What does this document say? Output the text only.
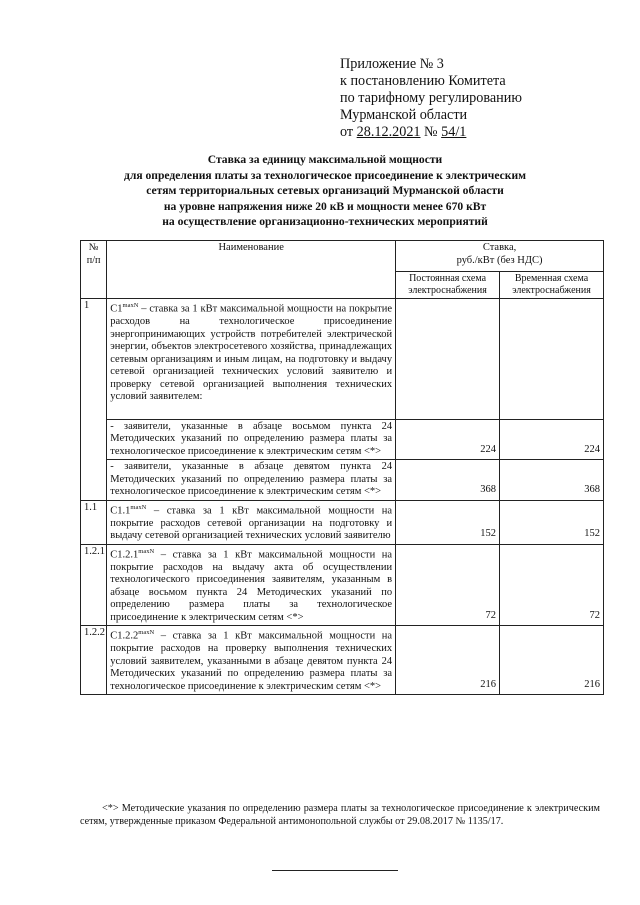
Приложение № 3
к постановлению Комитета
по тарифному регулированию
Мурманской области
от 28.12.2021 № 54/1
Ставка за единицу максимальной мощности
для определения платы за технологическое присоединение к электрическим
сетям территориальных сетевых организаций Мурманской области
на уровне напряжения ниже 20 кВ и мощности менее 670 кВт
на осуществление организационно-технических мероприятий
№ п/п	Наименование	Ставка,
руб./кВт (без НДС)	

		Постоянная схема электроснабжения	Временная схема электроснабжения
1	$C1^{maxN}$ – ставка за 1 кВт максимальной мощности на покрытие расходов на технологическое присоединение энергопринимающих устройств потребителей электрической энергии, объектов электросетевого хозяйства, принадлежащих сетевым организациям и иным лицам, на подготовку и выдачу сетевой организацией технических условий заявителю и проверку сетевой организацией выполнения технических условий заявителем:

	- заявители, указанные в абзаце восьмом пункта 24 Методических указаний по определению размера платы за технологическое присоединение к электрическим сетям <*>	224	224
	- заявители, указанные в абзаце девятом пункта 24 Методических указаний по определению размера платы за технологическое присоединение к электрическим сетям <*>	368	368
1.1	$C1.1^{maxN}$ – ставка за 1 кВт максимальной мощности на покрытие расходов сетевой организации на подготовку и выдачу сетевой организацией технических условий заявителю	152	152
1.2.1	$C1.2.1^{maxN}$ – ставка за 1 кВт максимальной мощности на покрытие расходов на выдачу акта об осуществлении технологического присоединения заявителям, указанным в абзаце восьмом пункта 24 Методических указаний по определению размера платы за технологическое присоединение к электрическим сетям <*>	72	72
1.2.2	$C1.2.2^{maxN}$ – ставка за 1 кВт максимальной мощности на покрытие расходов на проверку выполнения технических условий заявителем, указанными в абзаце девятом пункта 24 Методических указаний по определению размера платы за технологическое присоединение к электрическим сетям <*>	216	216
<*> Методические указания по определению размера платы за технологическое присоединение к электрическим сетям, утвержденные приказом Федеральной антимонопольной службы от 29.08.2017 № 1135/17.
